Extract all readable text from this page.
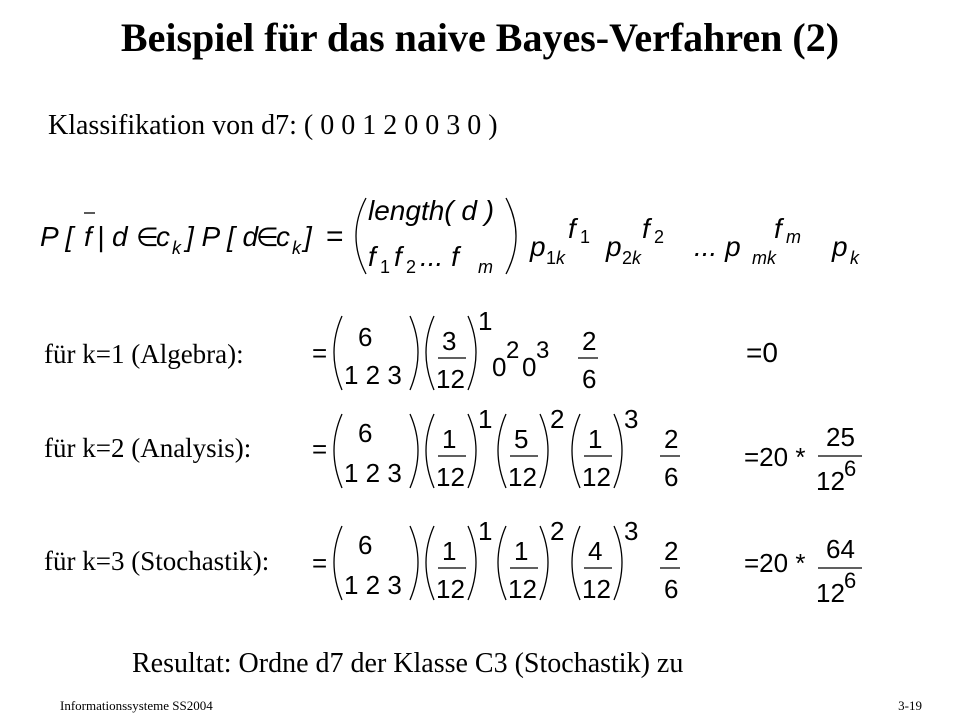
Beispiel für das naive Bayes-Verfahren (2)
Klassifikation von d7: ( 0 0 1 2 0 0 3 0 )
P [ f | d ∈
c k ] P [ d
∈
c k ] =
length( d )
f 1 f 2 ... f m
p 1 k
f 1 p 2 k
f 2 ... p mk
f m p k
für k=1 (Algebra):	=
6
1 2 3
3
12
1
0
2
0
3 2
6
=0
für k=2 (Analysis): =
6
1 2 3
1
12
1
5
12
2
1
12
3
2
6
=20 *
25
12 6
für k=3 (Stochastik): =
6
1 2 3
1
12
1
1
12
2
4
12
3
2
6
=20 * 64
12 6
Resultat: Ordne d7 der Klasse C3 (Stochastik) zu
Informationssysteme SS2004	3-19
